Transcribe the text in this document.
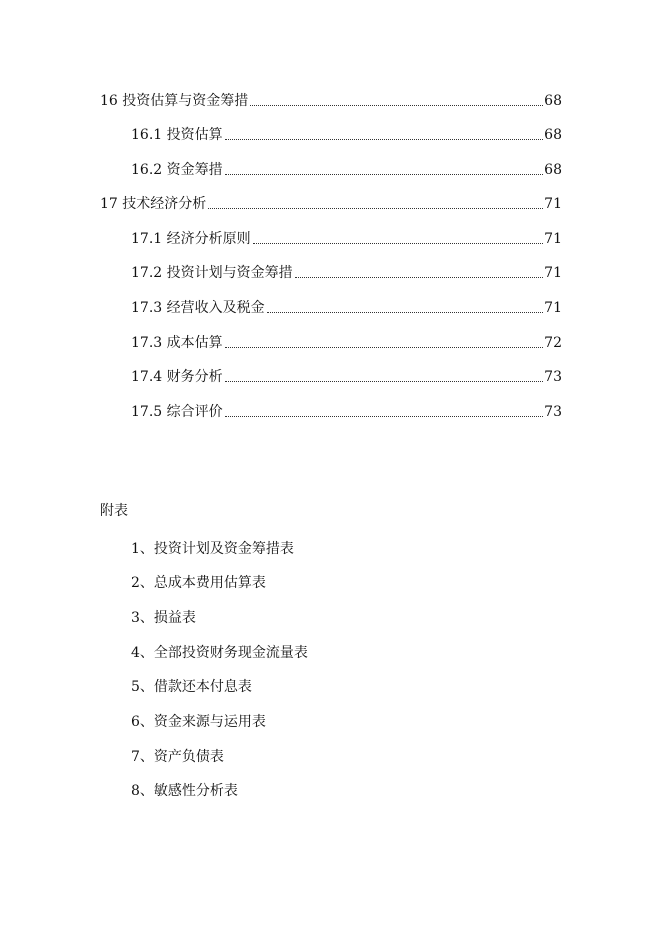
16 投资估算与资金筹措	68
16.1 投资估算	68
16.2 资金筹措	68
17 技术经济分析	71
17.1 经济分析原则	71
17.2 投资计划与资金筹措	71
17.3 经营收入及税金	71
17.3 成本估算	72
17.4 财务分析	73
17.5 综合评价	73
附表
1、投资计划及资金筹措表
2、总成本费用估算表
3、损益表
4、全部投资财务现金流量表
5、借款还本付息表
6、资金来源与运用表
7、资产负债表
8、敏感性分析表
